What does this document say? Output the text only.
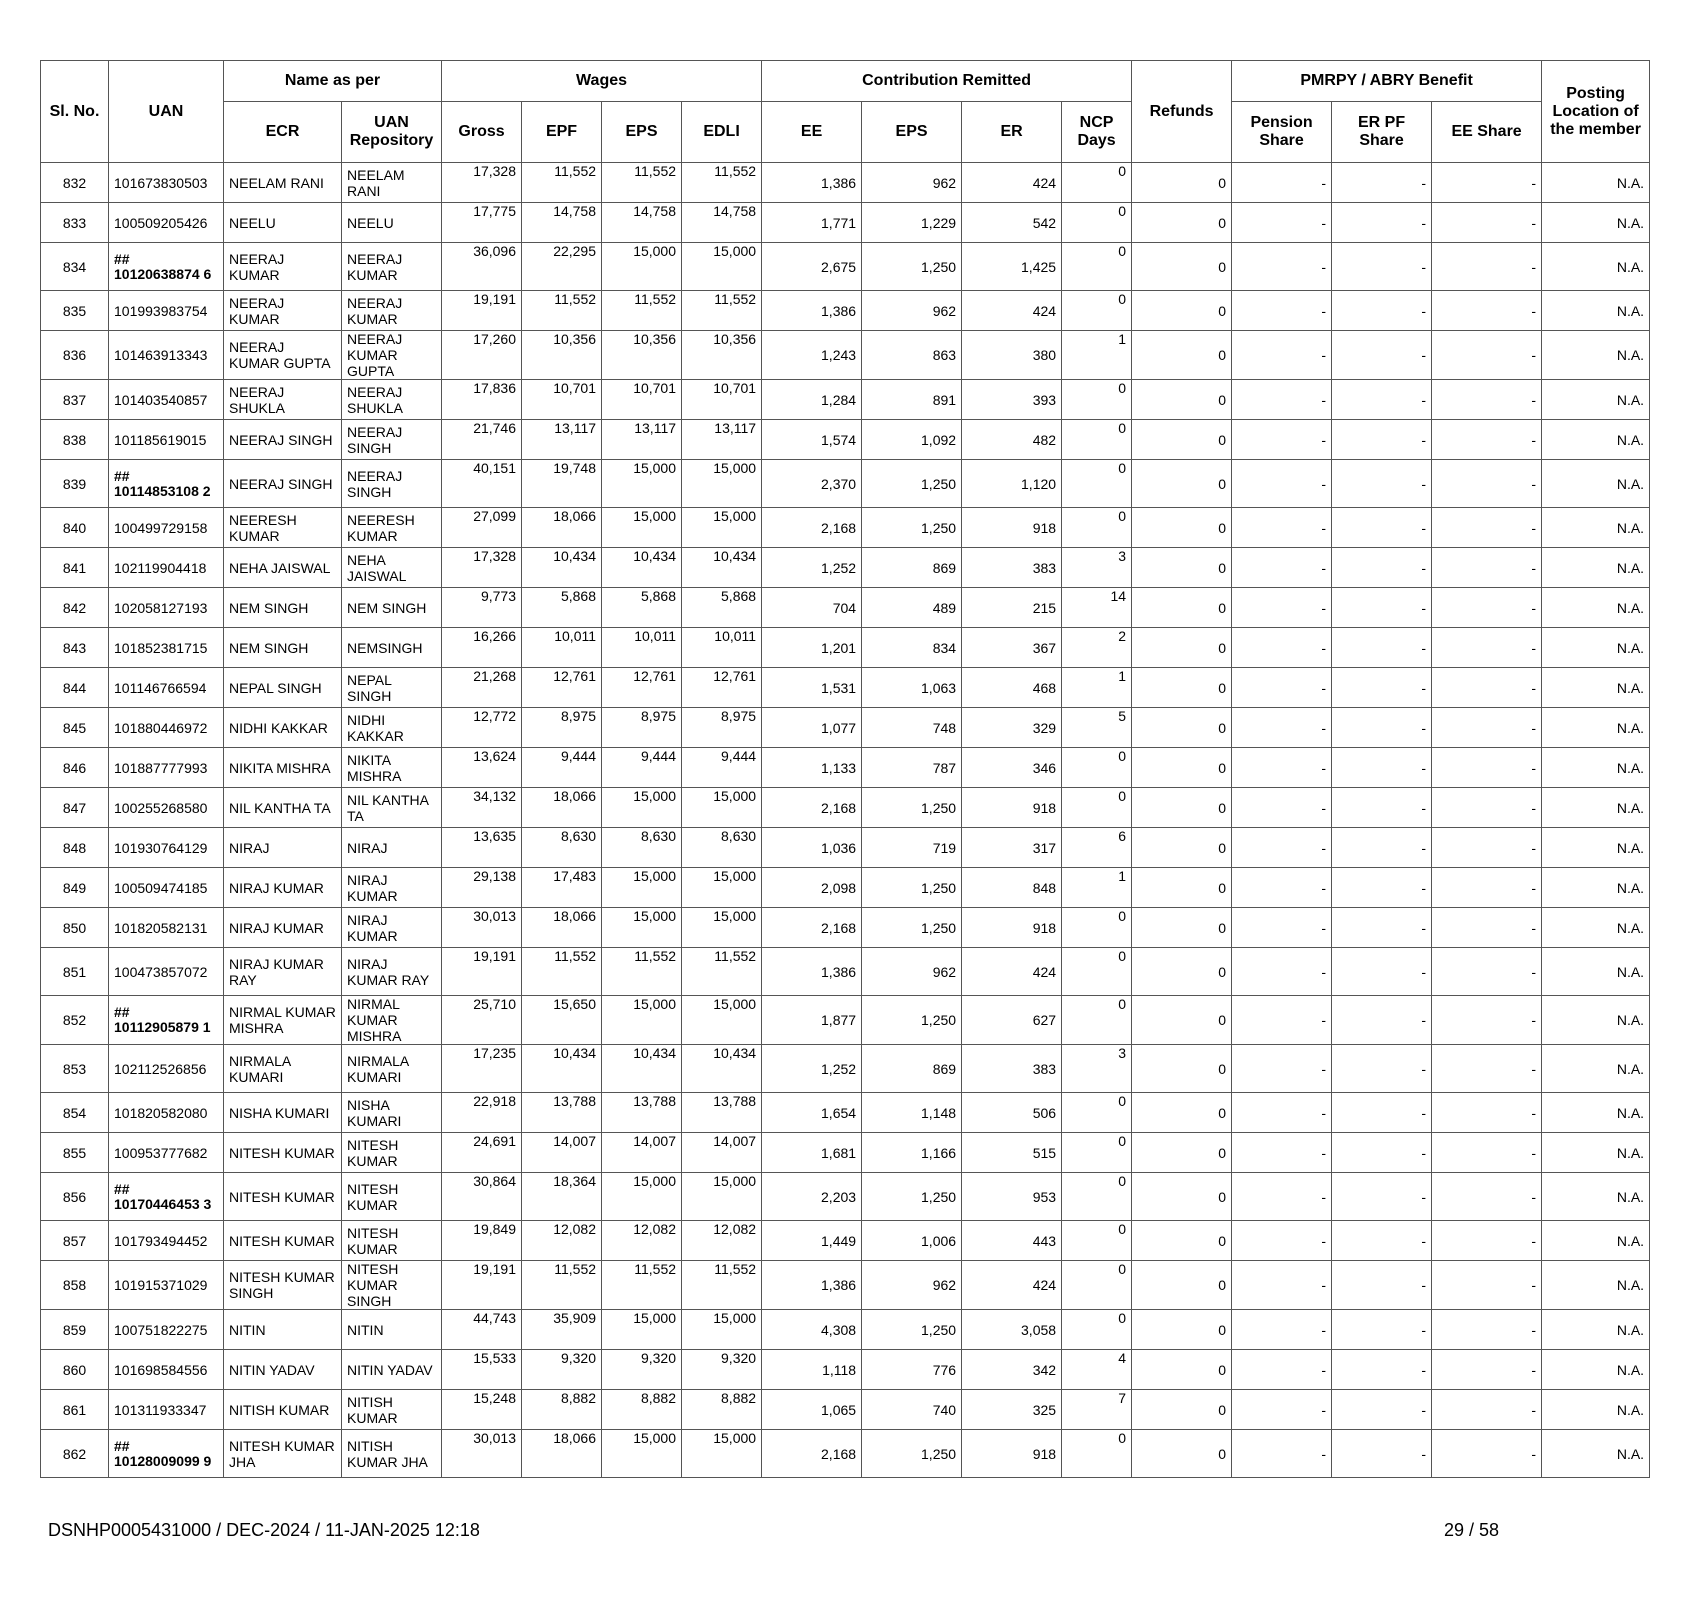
Sl. No.	UAN	Name as per		Wages				Contribution Remitted				Refunds	PMRPY / ABRY Benefit			Posting Location of the member
		ECR	UAN Repository	Gross	EPF	EPS	EDLI	EE	EPS	ER	NCP Days		Pension Share	ER PF Share	EE Share	
832	101673830503	NEELAM RANI	NEELAM RANI	17,328	11,552	11,552	11,552	1,386	962	424	0	0	-	-	-	N.A.
833	100509205426	NEELU	NEELU	17,775	14,758	14,758	14,758	1,771	1,229	542	0	0	-	-	-	N.A.
834	## 10120638874 6	NEERAJ KUMAR	NEERAJ KUMAR	36,096	22,295	15,000	15,000	2,675	1,250	1,425	0	0	-	-	-	N.A.
835	101993983754	NEERAJ KUMAR	NEERAJ KUMAR	19,191	11,552	11,552	11,552	1,386	962	424	0	0	-	-	-	N.A.
836	101463913343	NEERAJ KUMAR GUPTA	NEERAJ KUMAR GUPTA	17,260	10,356	10,356	10,356	1,243	863	380	1	0	-	-	-	N.A.
837	101403540857	NEERAJ SHUKLA	NEERAJ SHUKLA	17,836	10,701	10,701	10,701	1,284	891	393	0	0	-	-	-	N.A.
838	101185619015	NEERAJ SINGH	NEERAJ SINGH	21,746	13,117	13,117	13,117	1,574	1,092	482	0	0	-	-	-	N.A.
839	## 10114853108 2	NEERAJ SINGH	NEERAJ SINGH	40,151	19,748	15,000	15,000	2,370	1,250	1,120	0	0	-	-	-	N.A.
840	100499729158	NEERESH KUMAR	NEERESH KUMAR	27,099	18,066	15,000	15,000	2,168	1,250	918	0	0	-	-	-	N.A.
841	102119904418	NEHA JAISWAL	NEHA JAISWAL	17,328	10,434	10,434	10,434	1,252	869	383	3	0	-	-	-	N.A.
842	102058127193	NEM SINGH	NEM SINGH	9,773	5,868	5,868	5,868	704	489	215	14	0	-	-	-	N.A.
843	101852381715	NEM SINGH	NEMSINGH	16,266	10,011	10,011	10,011	1,201	834	367	2	0	-	-	-	N.A.
844	101146766594	NEPAL SINGH	NEPAL SINGH	21,268	12,761	12,761	12,761	1,531	1,063	468	1	0	-	-	-	N.A.
845	101880446972	NIDHI KAKKAR	NIDHI KAKKAR	12,772	8,975	8,975	8,975	1,077	748	329	5	0	-	-	-	N.A.
846	101887777993	NIKITA MISHRA	NIKITA MISHRA	13,624	9,444	9,444	9,444	1,133	787	346	0	0	-	-	-	N.A.
847	100255268580	NIL KANTHA TA	NIL KANTHA TA	34,132	18,066	15,000	15,000	2,168	1,250	918	0	0	-	-	-	N.A.
848	101930764129	NIRAJ	NIRAJ	13,635	8,630	8,630	8,630	1,036	719	317	6	0	-	-	-	N.A.
849	100509474185	NIRAJ KUMAR	NIRAJ KUMAR	29,138	17,483	15,000	15,000	2,098	1,250	848	1	0	-	-	-	N.A.
850	101820582131	NIRAJ KUMAR	NIRAJ KUMAR	30,013	18,066	15,000	15,000	2,168	1,250	918	0	0	-	-	-	N.A.
851	100473857072	NIRAJ KUMAR RAY	NIRAJ KUMAR RAY	19,191	11,552	11,552	11,552	1,386	962	424	0	0	-	-	-	N.A.
852	## 10112905879 1	NIRMAL KUMAR MISHRA	NIRMAL KUMAR MISHRA	25,710	15,650	15,000	15,000	1,877	1,250	627	0	0	-	-	-	N.A.
853	102112526856	NIRMALA KUMARI	NIRMALA KUMARI	17,235	10,434	10,434	10,434	1,252	869	383	3	0	-	-	-	N.A.
854	101820582080	NISHA KUMARI	NISHA KUMARI	22,918	13,788	13,788	13,788	1,654	1,148	506	0	0	-	-	-	N.A.
855	100953777682	NITESH KUMAR	NITESH KUMAR	24,691	14,007	14,007	14,007	1,681	1,166	515	0	0	-	-	-	N.A.
856	## 10170446453 3	NITESH KUMAR	NITESH KUMAR	30,864	18,364	15,000	15,000	2,203	1,250	953	0	0	-	-	-	N.A.
857	101793494452	NITESH KUMAR	NITESH KUMAR	19,849	12,082	12,082	12,082	1,449	1,006	443	0	0	-	-	-	N.A.
858	101915371029	NITESH KUMAR SINGH	NITESH KUMAR SINGH	19,191	11,552	11,552	11,552	1,386	962	424	0	0	-	-	-	N.A.
859	100751822275	NITIN	NITIN	44,743	35,909	15,000	15,000	4,308	1,250	3,058	0	0	-	-	-	N.A.
860	101698584556	NITIN YADAV	NITIN YADAV	15,533	9,320	9,320	9,320	1,118	776	342	4	0	-	-	-	N.A.
861	101311933347	NITISH KUMAR	NITISH KUMAR	15,248	8,882	8,882	8,882	1,065	740	325	7	0	-	-	-	N.A.
862	## 10128009099 9	NITESH KUMAR JHA	NITISH KUMAR JHA	30,013	18,066	15,000	15,000	2,168	1,250	918	0	0	-	-	-	N.A.
DSNHP0005431000 / DEC-2024 / 11-JAN-2025 12:18	29 / 58
